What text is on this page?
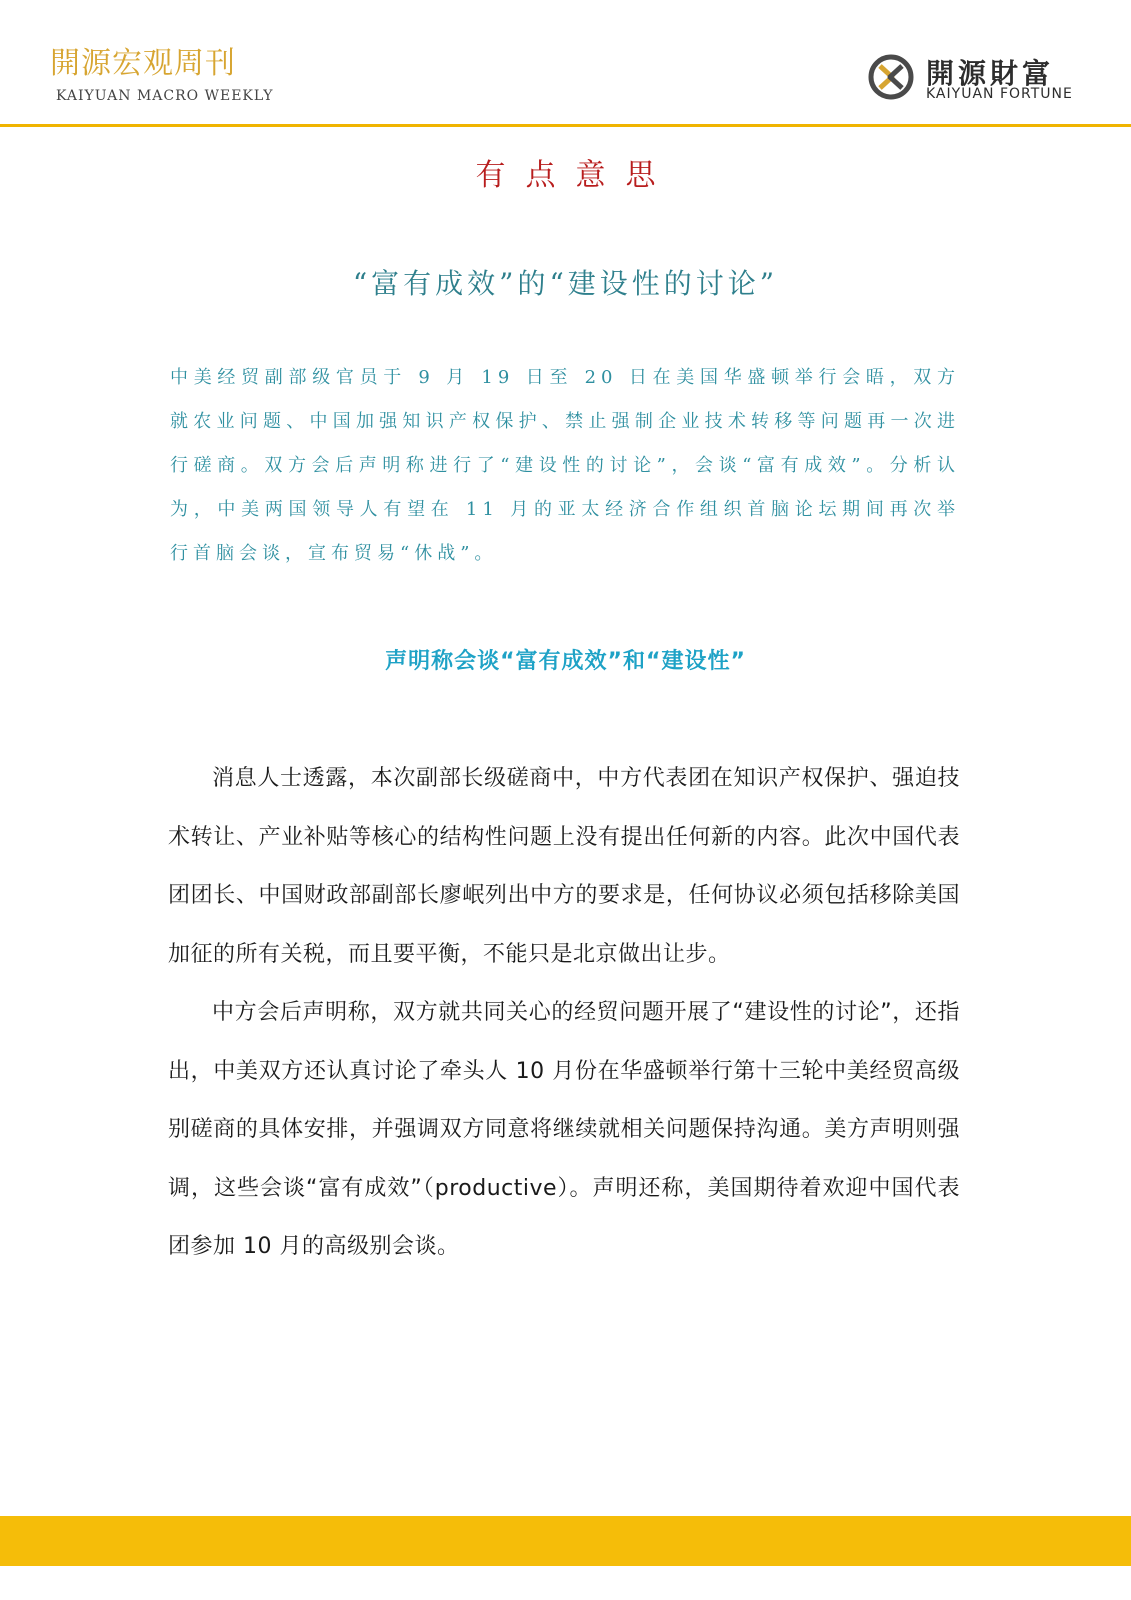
開源宏观周刊
KAIYUAN MACRO WEEKLY
開源財富
KAIYUAN FORTUNE
有点意思
“富有成效”的“建设性的讨论”

中美经贸副部级官员于 9 月 19 日至 20 日在美国华盛顿举行会晤，双方就农业问题、中国加强知识产权保护、禁止强制企业技术转移等问题再一次进行磋商。双方会后声明称进行了“建设性的讨论”，会谈“富有成效”。分析认为，中美两国领导人有望在 11 月的亚太经济合作组织首脑论坛期间再次举行首脑会谈，宣布贸易“休战”。

声明称会谈“富有成效”和“建设性”

消息人士透露，本次副部长级磋商中，中方代表团在知识产权保护、强迫技术转让、产业补贴等核心的结构性问题上没有提出任何新的内容。此次中国代表团团长、中国财政部副部长廖岷列出中方的要求是，任何协议必须包括移除美国加征的所有关税，而且要平衡，不能只是北京做出让步。

中方会后声明称，双方就共同关心的经贸问题开展了“建设性的讨论”，还指出，中美双方还认真讨论了牵头人 10 月份在华盛顿举行第十三轮中美经贸高级别磋商的具体安排，并强调双方同意将继续就相关问题保持沟通。美方声明则强调，这些会谈“富有成效”（productive）。声明还称，美国期待着欢迎中国代表团参加 10 月的高级别会谈。
